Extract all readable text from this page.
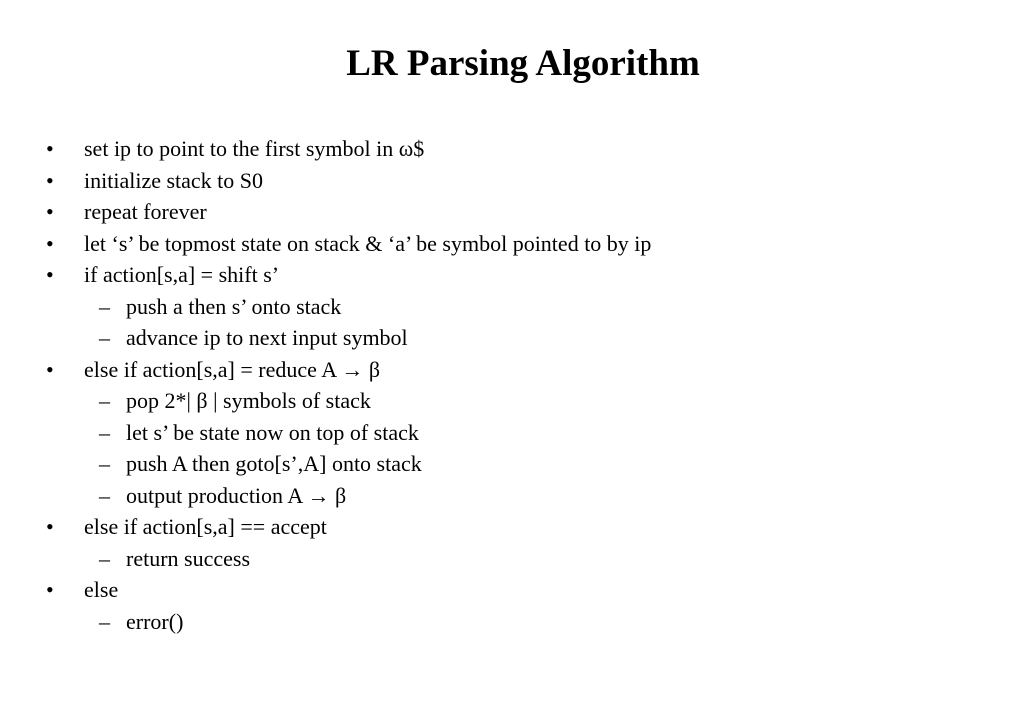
LR Parsing Algorithm
• set ip to point to the first symbol in ω$
• initialize stack to S0
• repeat forever
• let ‘s’ be topmost state on stack & ‘a’ be symbol pointed to by ip
• if action[s,a] = shift s’
– push a then s’ onto stack
– advance ip to next input symbol
• else if action[s,a] = reduce A → β
– pop 2*| β | symbols of stack
– let s’ be state now on top of stack
– push A then goto[s’,A] onto stack
– output production A → β
• else if action[s,a] == accept
– return success
• else
– error()
